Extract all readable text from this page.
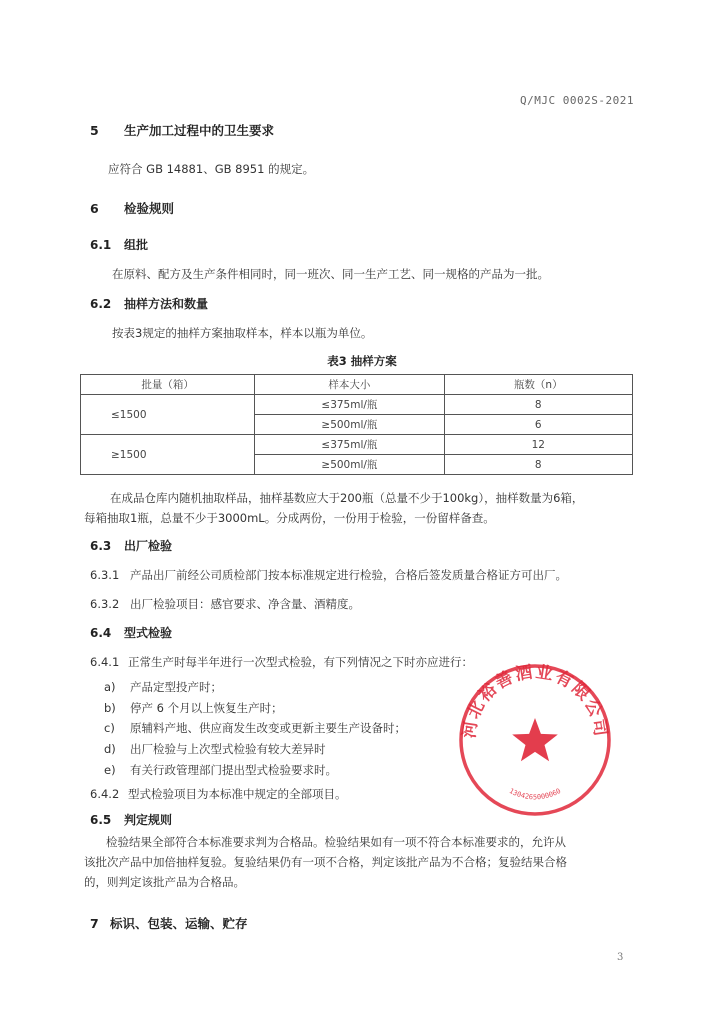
Q/MJC 0002S-2021
5 生产加工过程中的卫生要求
应符合 GB 14881、GB 8951 的规定。
6 检验规则
6.1 组批
在原料、配方及生产条件相同时，同一班次、同一生产工艺、同一规格的产品为一批。
6.2 抽样方法和数量
按表3规定的抽样方案抽取样本，样本以瓶为单位。
表3 抽样方案
批量（箱）	样本大小	瓶数（n）
≤1500	≤375ml/瓶	8
	≥500ml/瓶	6
≥1500	≤375ml/瓶	12
	≥500ml/瓶	8
在成品仓库内随机抽取样品，抽样基数应大于200瓶（总量不少于100kg），抽样数量为6箱，
每箱抽取1瓶，总量不少于3000mL。分成两份，一份用于检验，一份留样备查。
6.3 出厂检验
6.3.1 产品出厂前经公司质检部门按本标准规定进行检验，合格后签发质量合格证方可出厂。
6.3.2 出厂检验项目：感官要求、净含量、酒精度。
6.4 型式检验
6.4.1 正常生产时每半年进行一次型式检验，有下列情况之下时亦应进行：
a) 产品定型投产时；
b) 停产 6 个月以上恢复生产时；
c) 原辅料产地、供应商发生改变或更新主要生产设备时；
d) 出厂检验与上次型式检验有较大差异时
e) 有关行政管理部门提出型式检验要求时。
6.4.2 型式检验项目为本标准中规定的全部项目。
6.5 判定规则
检验结果全部符合本标准要求判为合格品。检验结果如有一项不符合本标准要求的，允许从
该批次产品中加倍抽样复验。复验结果仍有一项不合格，判定该批产品为不合格；复验结果合格
的，则判定该批产品为合格品。
7 标识、包装、运输、贮存
3
河北裕善酒业有限公司
1304265000060
